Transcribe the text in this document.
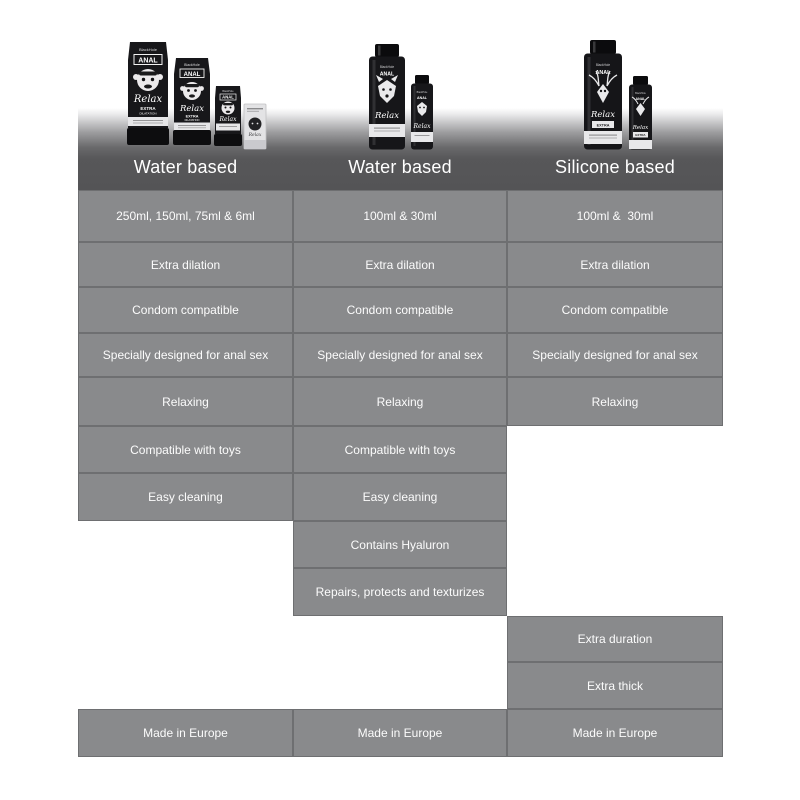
Water based	Water based	Silicone based
BlackHole
ANAL
Relax
EXTRA
DILATATION
BlackHole
ANAL
Relax
EXTRA
DILATATION
BlackHole
ANAL
Relax
Relax
BlackHole
ANAL
Relax
BlackHole
ANAL
Relax
BlackHole
ANAL
Relax
EXTRA
BlackHole
ANAL
Relax
EXTRA
250ml, 150ml, 75ml & 6ml
Extra dilation
Condom compatible
Specially designed for anal sex
Relaxing
Compatible with toys
Easy cleaning
Made in Europe
100ml & 30ml
Extra dilation
Condom compatible
Specially designed for anal sex
Relaxing
Compatible with toys
Easy cleaning
Contains Hyaluron
Repairs, protects and texturizes
Made in Europe
100ml &  30ml
Extra dilation
Condom compatible
Specially designed for anal sex
Relaxing
Extra duration
Extra thick
Made in Europe
